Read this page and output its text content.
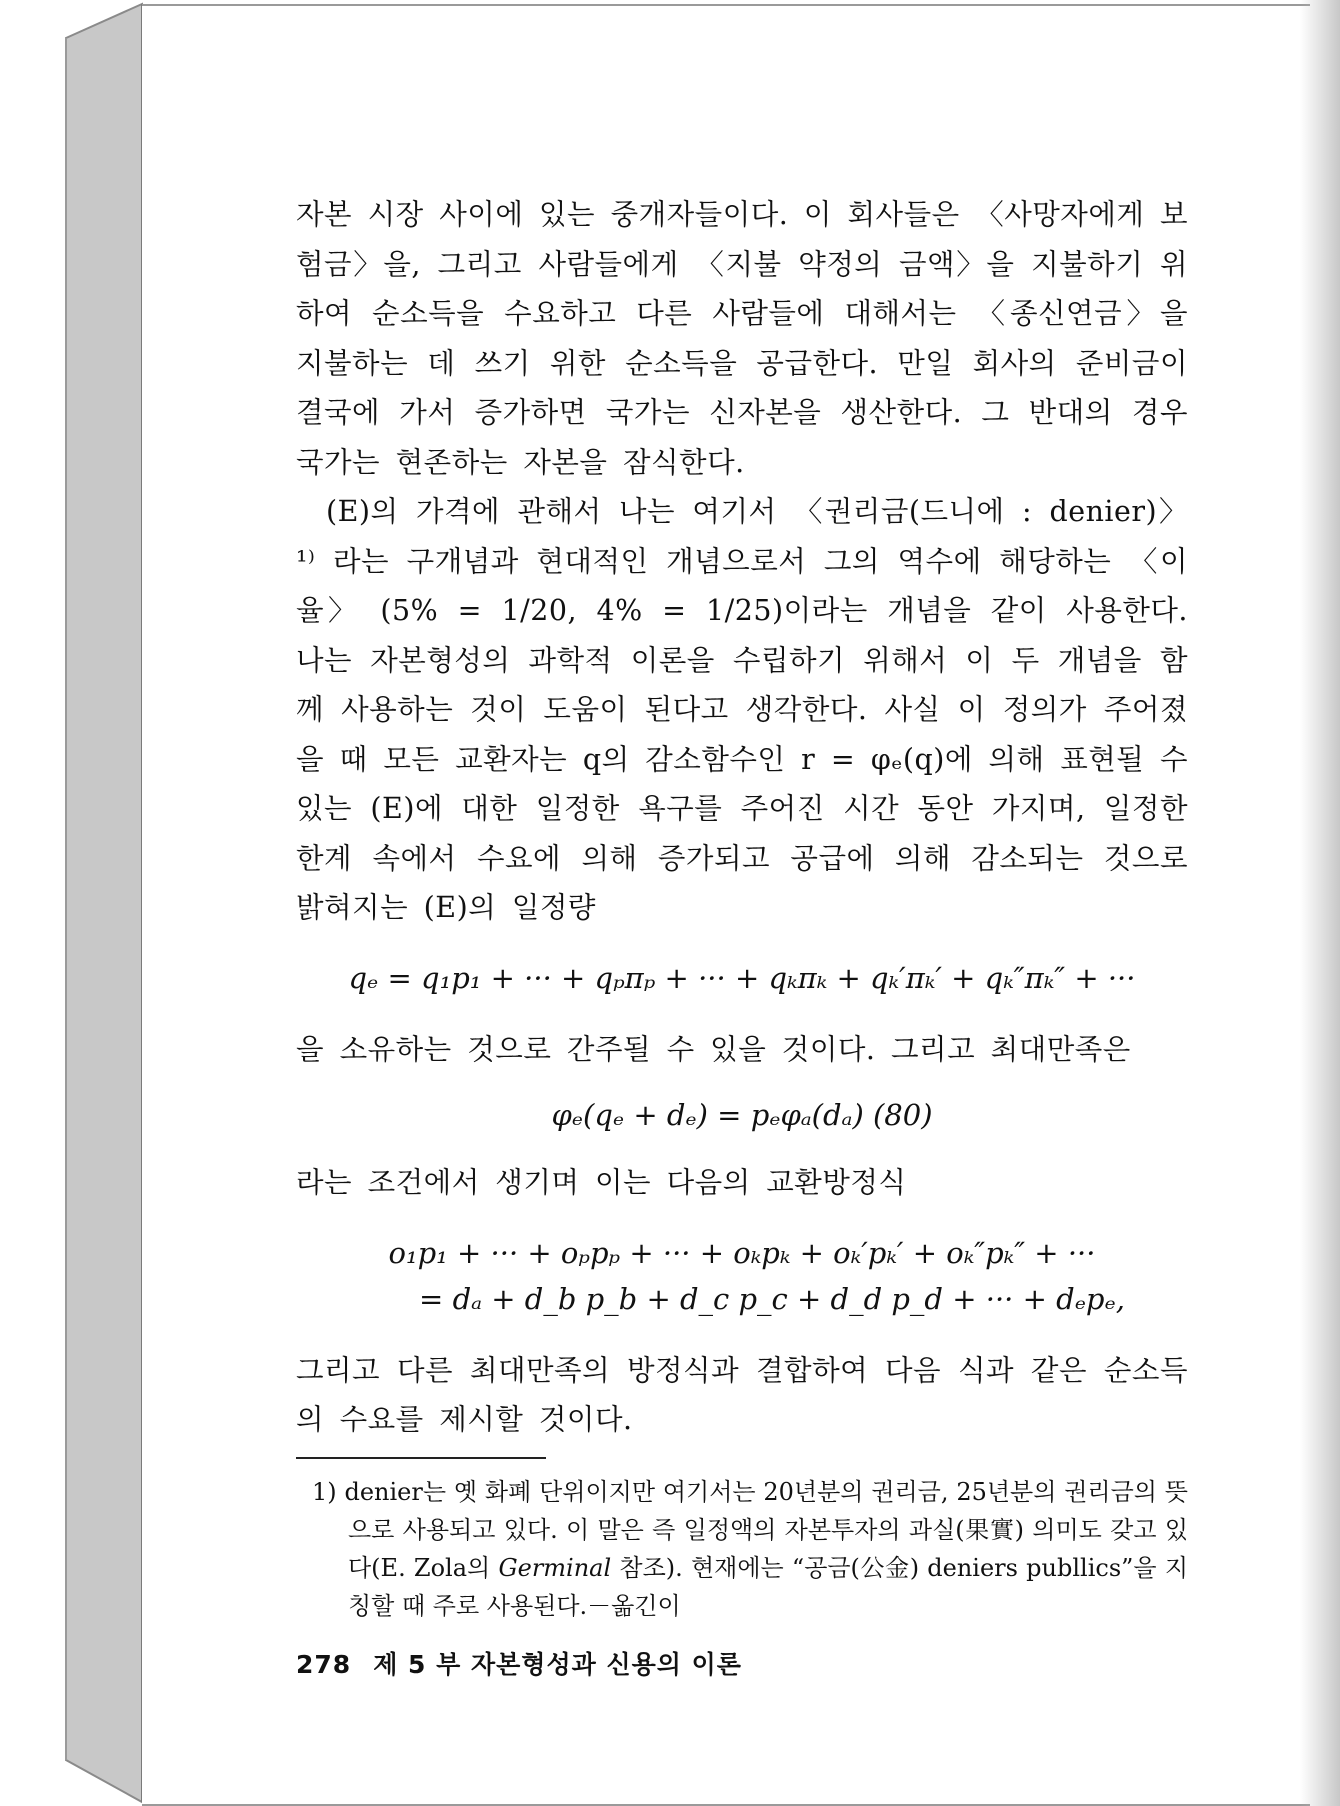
자본 시장 사이에 있는 중개자들이다. 이 회사들은 〈사망자에게 보험금〉을, 그리고 사람들에게 〈지불 약정의 금액〉을 지불하기 위하여 순소득을 수요하고 다른 사람들에 대해서는 〈종신연금〉을 지불하는 데 쓰기 위한 순소득을 공급한다. 만일 회사의 준비금이 결국에 가서 증가하면 국가는 신자본을 생산한다. 그 반대의 경우 국가는 현존하는 자본을 잠식한다.

(E)의 가격에 관해서 나는 여기서 〈권리금(드니에 : denier)〉¹⁾ 라는 구개념과 현대적인 개념으로서 그의 역수에 해당하는 〈이율〉 (5% = 1/20, 4% = 1/25)이라는 개념을 같이 사용한다. 나는 자본형성의 과학적 이론을 수립하기 위해서 이 두 개념을 함께 사용하는 것이 도움이 된다고 생각한다. 사실 이 정의가 주어졌을 때 모든 교환자는 q의 감소함수인 r = φₑ(q)에 의해 표현될 수 있는 (E)에 대한 일정한 욕구를 주어진 시간 동안 가지며, 일정한 한계 속에서 수요에 의해 증가되고 공급에 의해 감소되는 것으로 밝혀지는 (E)의 일정량

qₑ = q₁p₁ + ··· + qₚπₚ + ··· + qₖπₖ + qₖ′πₖ′ + qₖ″πₖ″ + ···

을 소유하는 것으로 간주될 수 있을 것이다. 그리고 최대만족은

φₑ(qₑ + dₑ) = pₑφₐ(dₐ) (80)

라는 조건에서 생기며 이는 다음의 교환방정식

o₁p₁ + ··· + oₚpₚ + ··· + oₖpₖ + oₖ′pₖ′ + oₖ″pₖ″ + ···
= dₐ + d_b p_b + d_c p_c + d_d p_d + ··· + dₑpₑ,

그리고 다른 최대만족의 방정식과 결합하여 다음 식과 같은 순소득의 수요를 제시할 것이다.

1) denier는 옛 화폐 단위이지만 여기서는 20년분의 권리금, 25년분의 권리금의 뜻으로 사용되고 있다. 이 말은 즉 일정액의 자본투자의 과실(果實) 의미도 갖고 있다(E. Zola의 Germinal 참조). 현재에는 “공금(公金) deniers publlics”을 지칭할 때 주로 사용된다.－옮긴이

278 제 5 부 자본형성과 신용의 이론
